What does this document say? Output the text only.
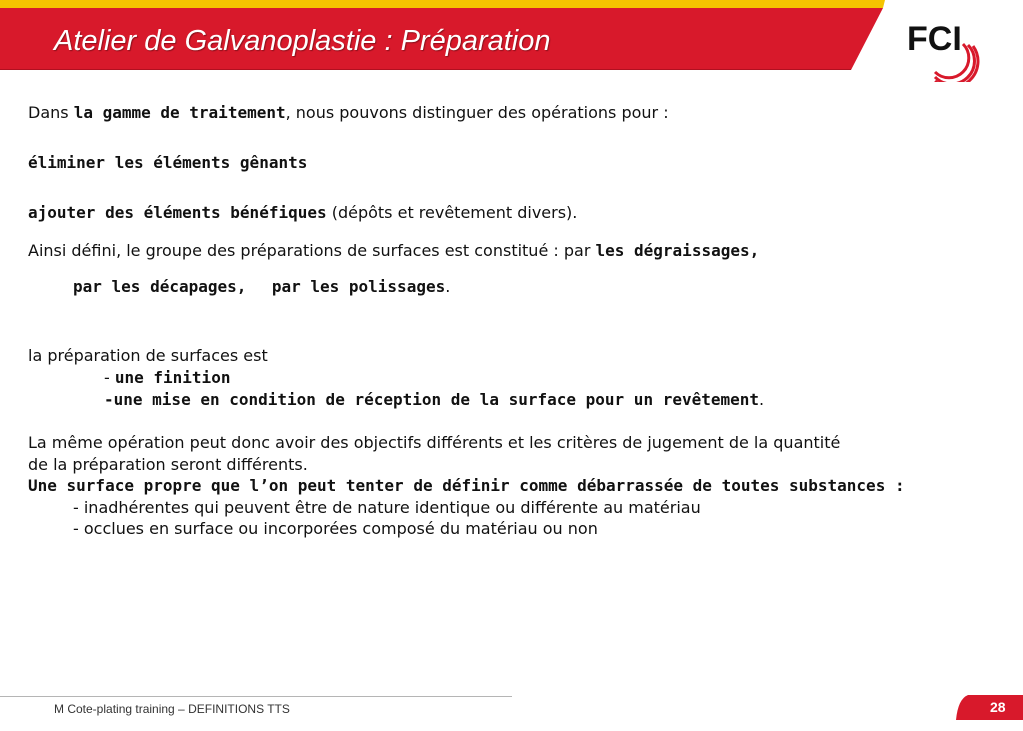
Atelier de Galvanoplastie : Préparation	FCI
Dans la gamme de traitement, nous pouvons distinguer des opérations pour :
éliminer les éléments gênants
ajouter des éléments bénéfiques (dépôts et revêtement divers).
Ainsi défini, le groupe des préparations de surfaces est constitué : par les dégraissages,
par les décapages, par les polissages.
la préparation de surfaces est
- une finition
-une mise en condition de réception de la surface pour un revêtement.
La même opération peut donc avoir des objectifs différents et les critères de jugement de la quantité
de la préparation seront différents.
Une surface propre que l’on peut tenter de définir comme débarrassée de toutes substances :
- inadhérentes qui peuvent être de nature identique ou différente au matériau
- occlues en surface ou incorporées composé du matériau ou non
M Cote-plating training – DEFINITIONS TTS	28
